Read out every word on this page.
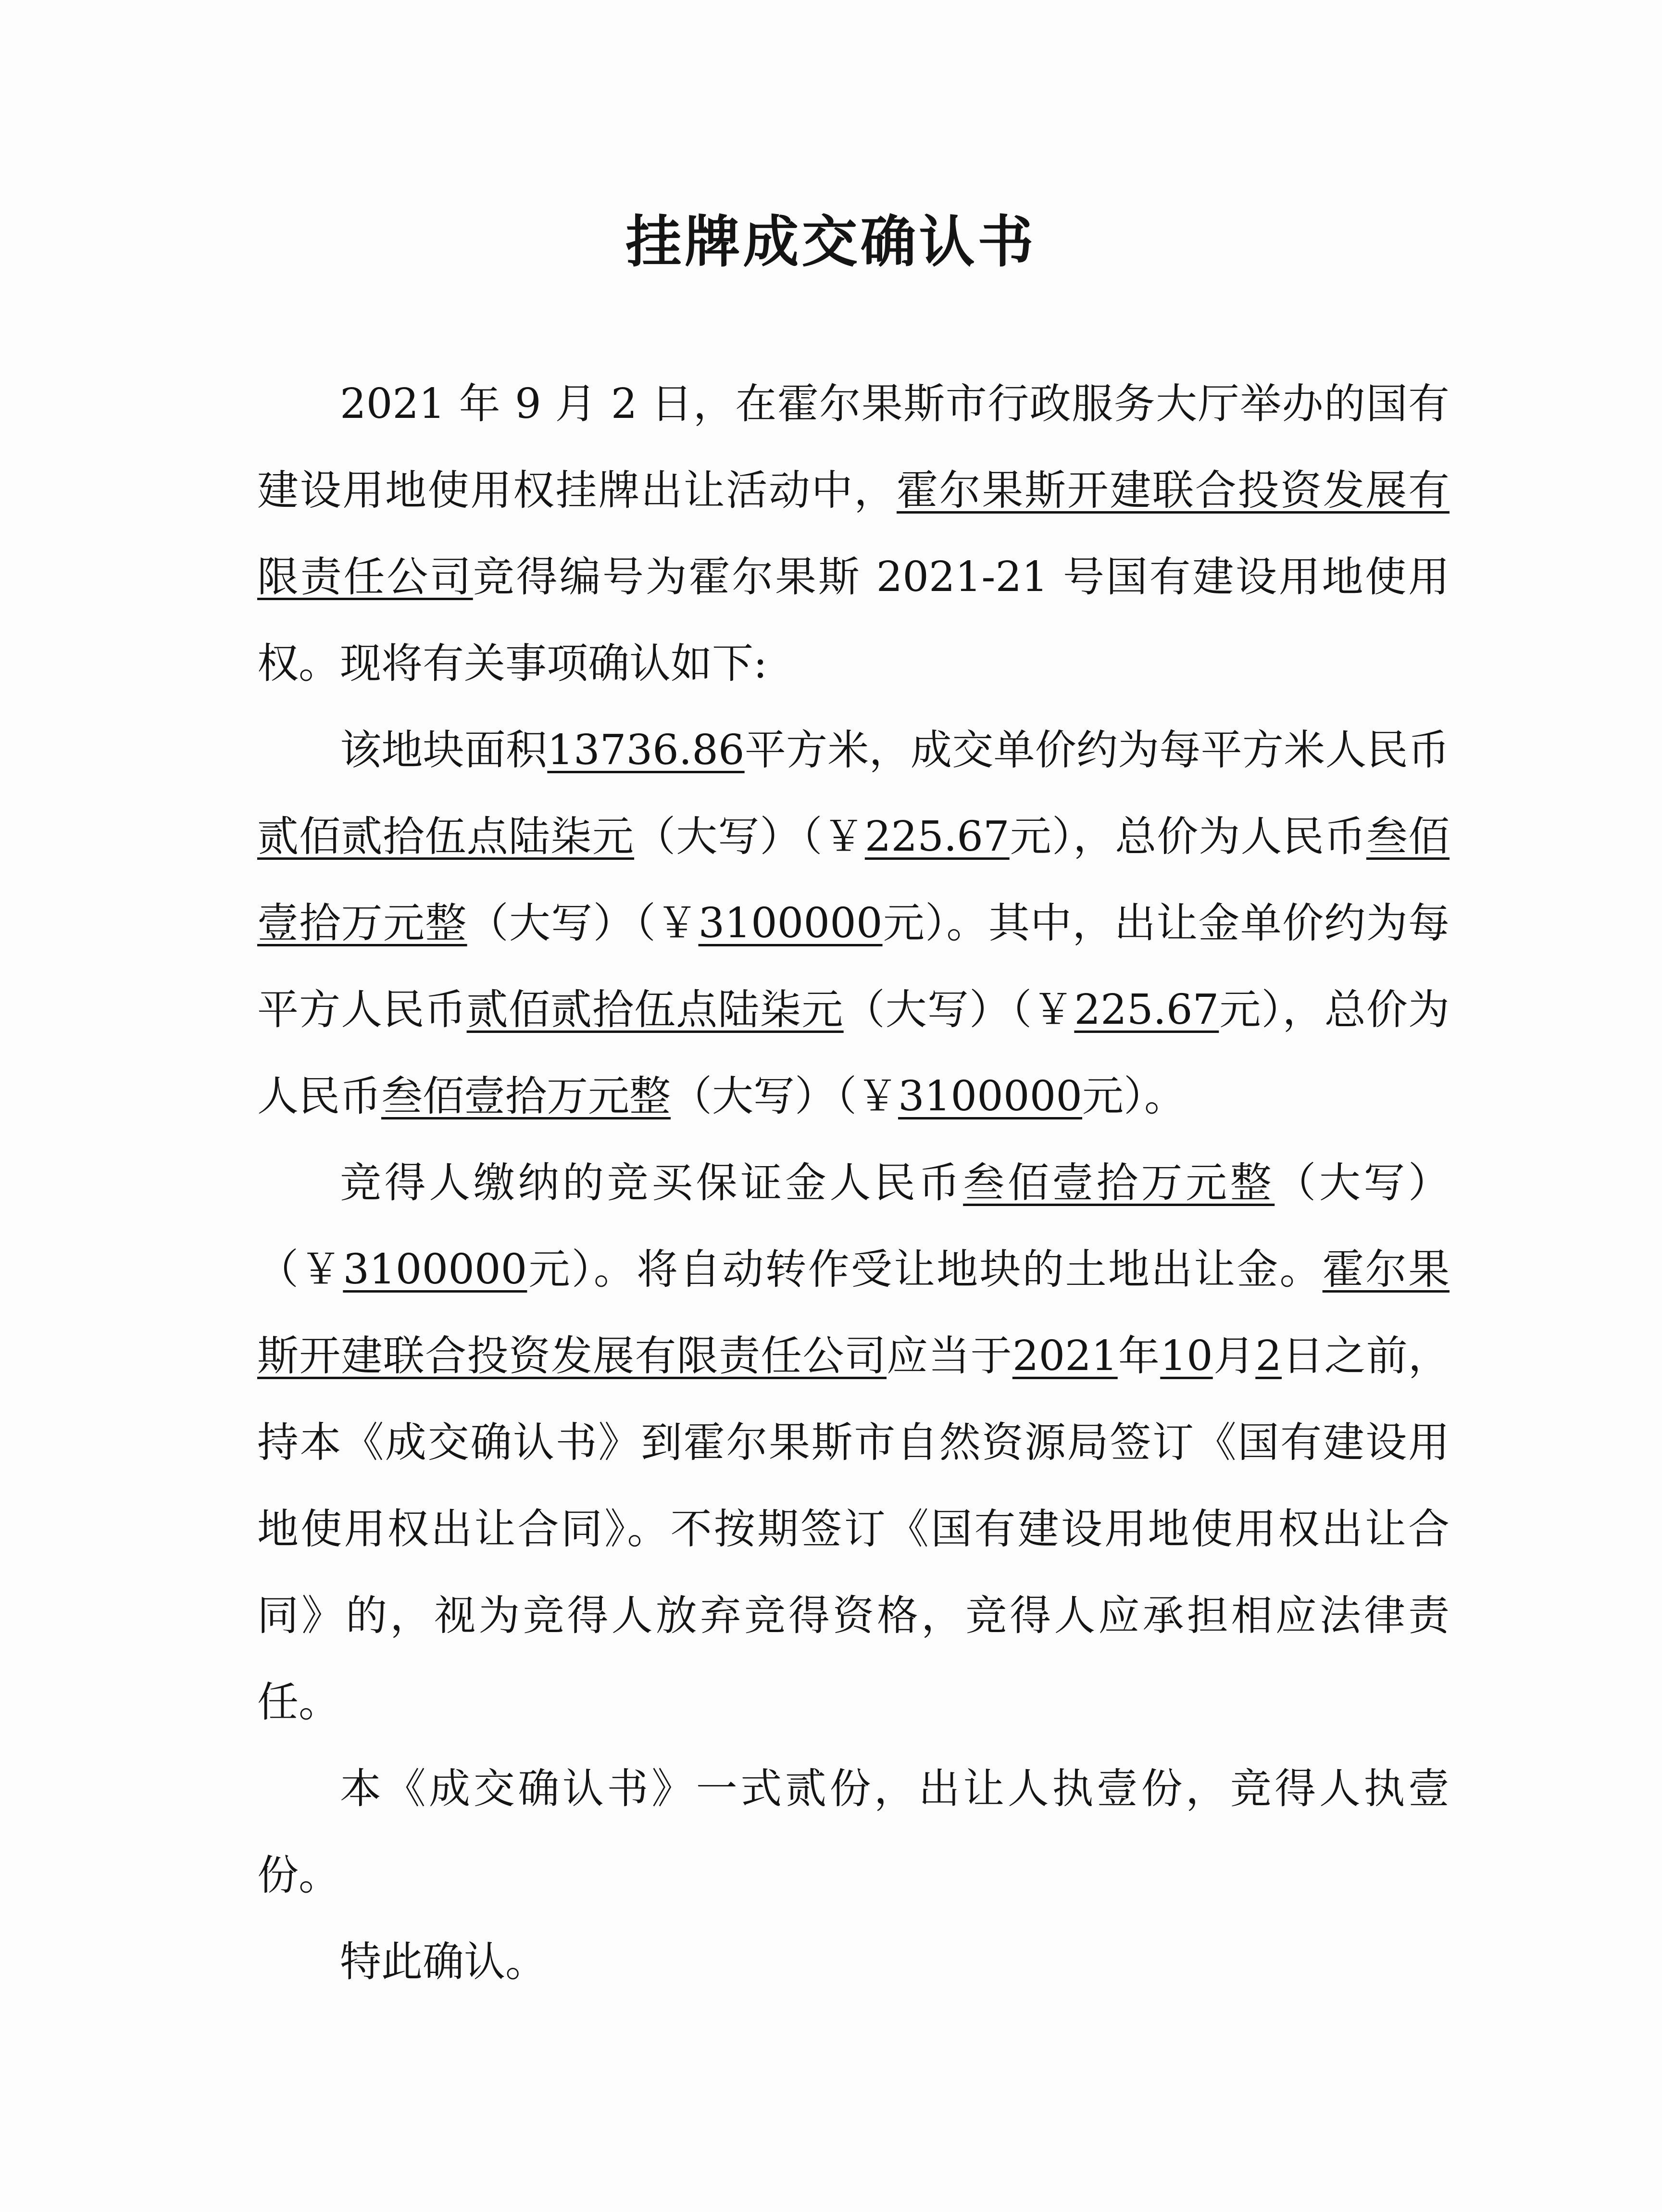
挂牌成交确认书

2021 年 9 月 2 日，在霍尔果斯市行政服务大厅举办的国有建设用地使用权挂牌出让活动中，霍尔果斯开建联合投资发展有限责任公司竞得编号为霍尔果斯 2021-21 号国有建设用地使用权。现将有关事项确认如下:

该地块面积13736.86平方米，成交单价约为每平方米人民币贰佰贰拾伍点陆柒元（大写）（￥225.67元），总价为人民币叁佰壹拾万元整（大写）（￥3100000元）。其中，出让金单价约为每平方人民币贰佰贰拾伍点陆柒元（大写）（￥225.67元），总价为人民币叁佰壹拾万元整（大写）（￥3100000元）。

竞得人缴纳的竞买保证金人民币叁佰壹拾万元整（大写）（￥3100000元）。将自动转作受让地块的土地出让金。霍尔果斯开建联合投资发展有限责任公司应当于2021年10月2日之前，持本《成交确认书》到霍尔果斯市自然资源局签订《国有建设用地使用权出让合同》。不按期签订《国有建设用地使用权出让合同》的，视为竞得人放弃竞得资格，竞得人应承担相应法律责任。

本《成交确认书》一式贰份，出让人执壹份，竞得人执壹份。

特此确认。
